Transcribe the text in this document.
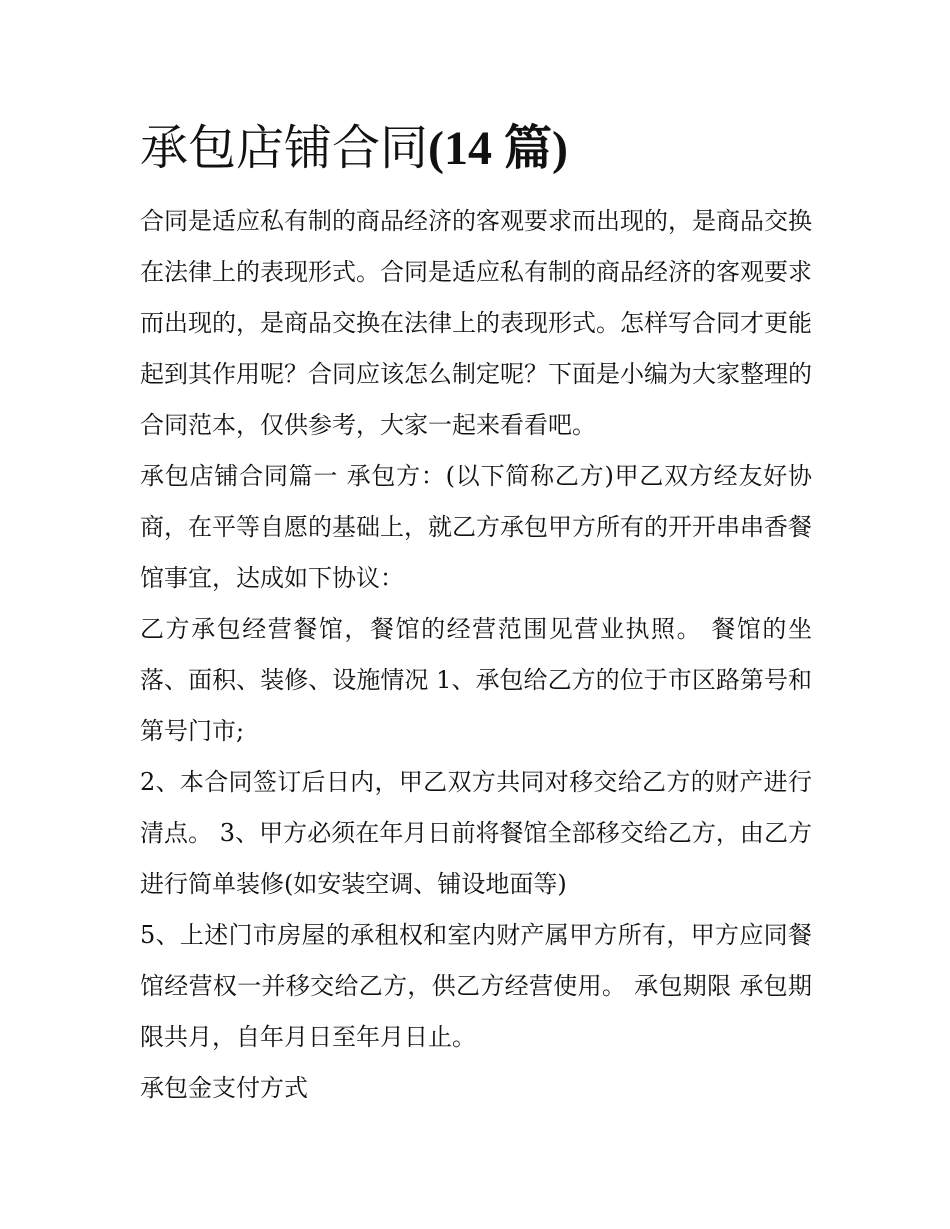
承包店铺合同(14 篇)

合同是适应私有制的商品经济的客观要求而出现的，是商品交换在法律上的表现形式。合同是适应私有制的商品经济的客观要求而出现的，是商品交换在法律上的表现形式。怎样写合同才更能起到其作用呢？合同应该怎么制定呢？下面是小编为大家整理的合同范本，仅供参考，大家一起来看看吧。

承包店铺合同篇一 承包方：(以下简称乙方)甲乙双方经友好协商，在平等自愿的基础上，就乙方承包甲方所有的开开串串香餐馆事宜，达成如下协议：

乙方承包经营餐馆，餐馆的经营范围见营业执照。 餐馆的坐落、面积、装修、设施情况 1、承包给乙方的位于市区路第号和第号门市;

2、本合同签订后日内，甲乙双方共同对移交给乙方的财产进行清点。 3、甲方必须在年月日前将餐馆全部移交给乙方，由乙方进行简单装修(如安装空调、铺设地面等)

5、上述门市房屋的承租权和室内财产属甲方所有，甲方应同餐馆经营权一并移交给乙方，供乙方经营使用。 承包期限 承包期限共月，自年月日至年月日止。

承包金支付方式
